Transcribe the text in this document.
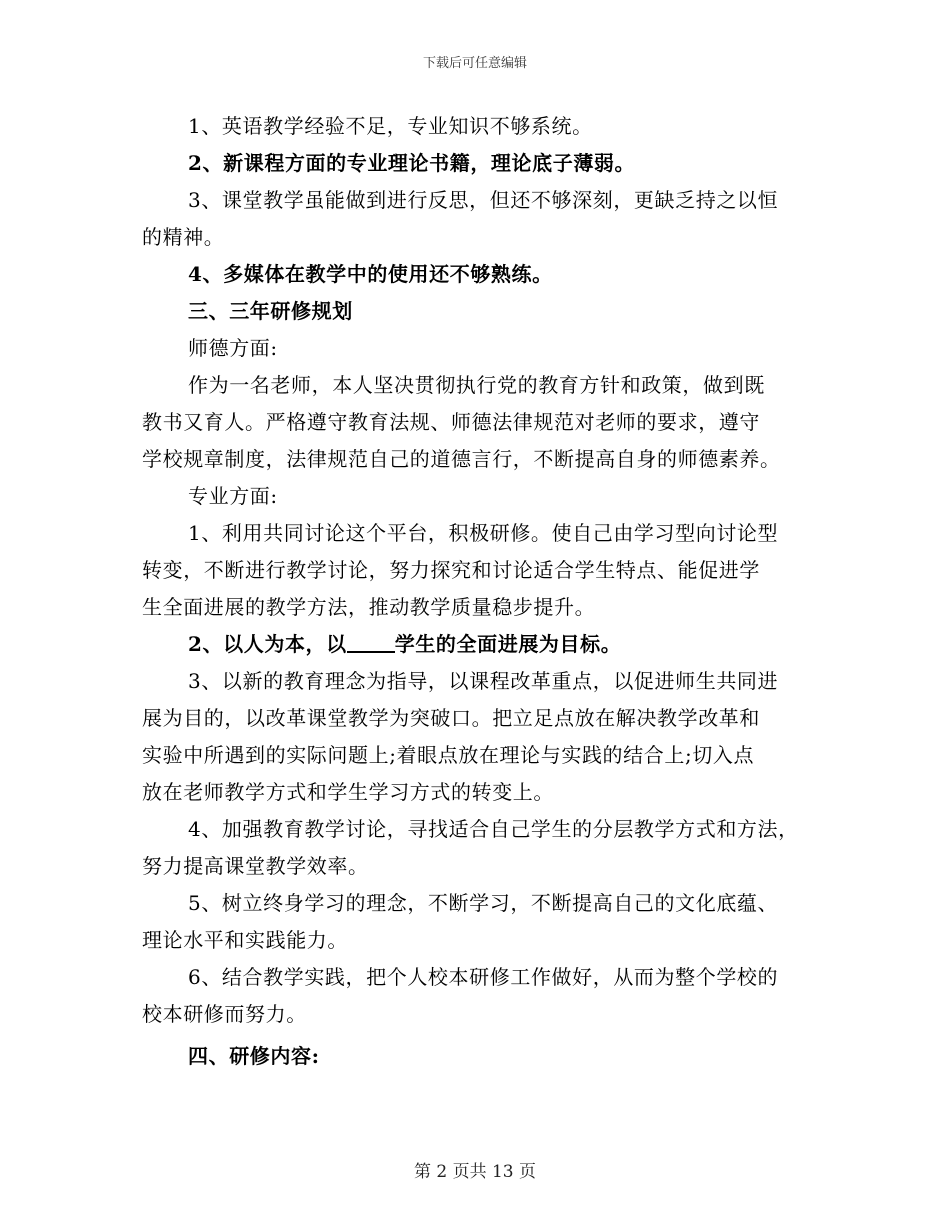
下载后可任意编辑
1、英语教学经验不足，专业知识不够系统。
2、新课程方面的专业理论书籍，理论底子薄弱。
3、课堂教学虽能做到进行反思，但还不够深刻，更缺乏持之以恒
的精神。
4、多媒体在教学中的使用还不够熟练。
三、三年研修规划
师德方面:
作为一名老师，本人坚决贯彻执行党的教育方针和政策，做到既
教书又育人。严格遵守教育法规、师德法律规范对老师的要求，遵守
学校规章制度，法律规范自己的道德言行，不断提高自身的师德素养。
专业方面:
1、利用共同讨论这个平台，积极研修。使自己由学习型向讨论型
转变，不断进行教学讨论，努力探究和讨论适合学生特点、能促进学
生全面进展的教学方法，推动教学质量稳步提升。
2、以人为本，以 学生的全面进展为目标。
3、以新的教育理念为指导，以课程改革重点，以促进师生共同进
展为目的，以改革课堂教学为突破口。把立足点放在解决教学改革和
实验中所遇到的实际问题上;着眼点放在理论与实践的结合上;切入点
放在老师教学方式和学生学习方式的转变上。
4、加强教育教学讨论，寻找适合自己学生的分层教学方式和方法，
努力提高课堂教学效率。
5、树立终身学习的理念，不断学习，不断提高自己的文化底蕴、
理论水平和实践能力。
6、结合教学实践，把个人校本研修工作做好，从而为整个学校的
校本研修而努力。
四、研修内容:
第 2 页共 13 页
